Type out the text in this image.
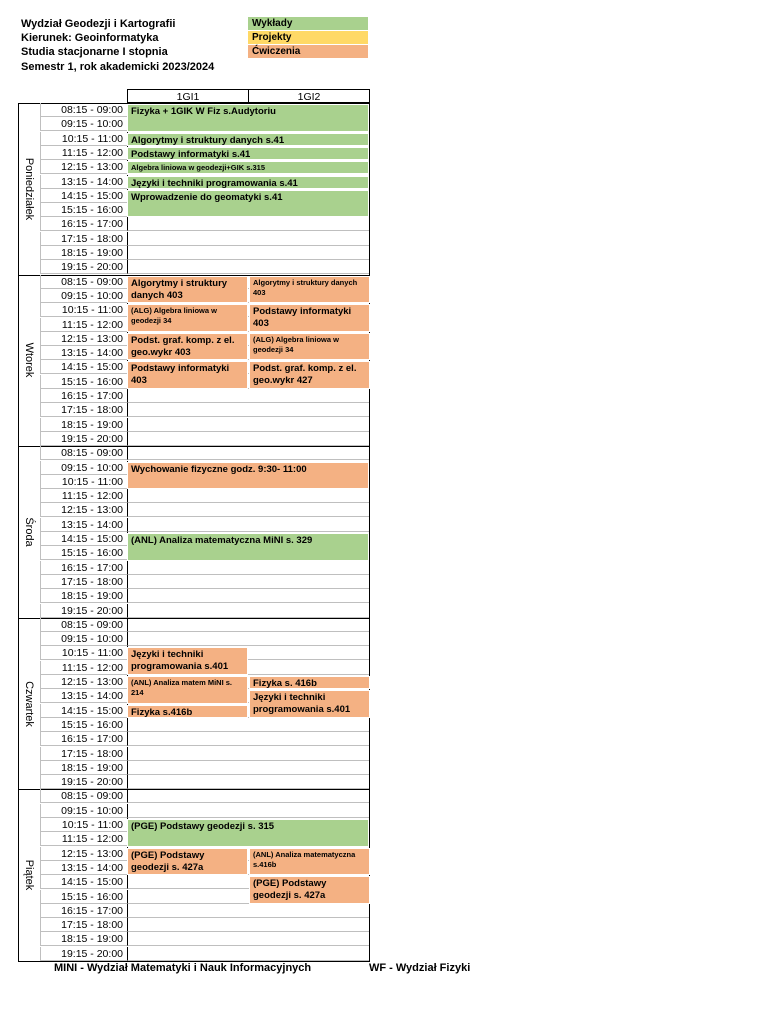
Wydział Geodezji i Kartografii
Kierunek: Geoinformatyka
Studia stacjonarne I stopnia
Semestr 1, rok akademicki 2023/2024
Wykłady
Projekty
Ćwiczenia
1GI1	1GI2
Poniedziałek
08:15 - 09:00
09:15 - 10:00
10:15 - 11:00
11:15 - 12:00
12:15 - 13:00
13:15 - 14:00
14:15 - 15:00
15:15 - 16:00
16:15 - 17:00
17:15 - 18:00
18:15 - 19:00
19:15 - 20:00
Fizyka + 1GIK W Fiz s.Audytoriu
Algorytmy i struktury danych s.41
Podstawy informatyki s.41
Algebra liniowa w geodezji+GIK s.315
Języki i techniki programowania s.41
Wprowadzenie do geomatyki s.41
Wtorek
08:15 - 09:00
09:15 - 10:00
10:15 - 11:00
11:15 - 12:00
12:15 - 13:00
13:15 - 14:00
14:15 - 15:00
15:15 - 16:00
16:15 - 17:00
17:15 - 18:00
18:15 - 19:00
19:15 - 20:00
Algorytmy i struktury danych 403
Algorytmy i struktury danych 403
(ALG) Algebra liniowa w geodezji 34
Podstawy informatyki 403
Podst. graf. komp. z el. geo.wykr 403
(ALG) Algebra liniowa w geodezji 34
Podstawy informatyki 403
Podst. graf. komp. z el. geo.wykr 427
Środa
08:15 - 09:00
09:15 - 10:00
10:15 - 11:00
11:15 - 12:00
12:15 - 13:00
13:15 - 14:00
14:15 - 15:00
15:15 - 16:00
16:15 - 17:00
17:15 - 18:00
18:15 - 19:00
19:15 - 20:00
Wychowanie fizyczne godz. 9:30- 11:00
(ANL) Analiza matematyczna MiNI s. 329
Czwartek
08:15 - 09:00
09:15 - 10:00
10:15 - 11:00
11:15 - 12:00
12:15 - 13:00
13:15 - 14:00
14:15 - 15:00
15:15 - 16:00
16:15 - 17:00
17:15 - 18:00
18:15 - 19:00
19:15 - 20:00
Języki i techniki programowania s.401
(ANL) Analiza matem MiNI s. 214
Fizyka s. 416b
Języki i techniki programowania s.401
Fizyka s.416b
Piątek
08:15 - 09:00
09:15 - 10:00
10:15 - 11:00
11:15 - 12:00
12:15 - 13:00
13:15 - 14:00
14:15 - 15:00
15:15 - 16:00
16:15 - 17:00
17:15 - 18:00
18:15 - 19:00
19:15 - 20:00
(PGE) Podstawy geodezji s. 315
(PGE) Podstawy geodezji s. 427a
(ANL) Analiza matematyczna s.416b
(PGE) Podstawy geodezji s. 427a
MINI - Wydział Matematyki i Nauk Informacyjnych	WF - Wydział Fizyki
